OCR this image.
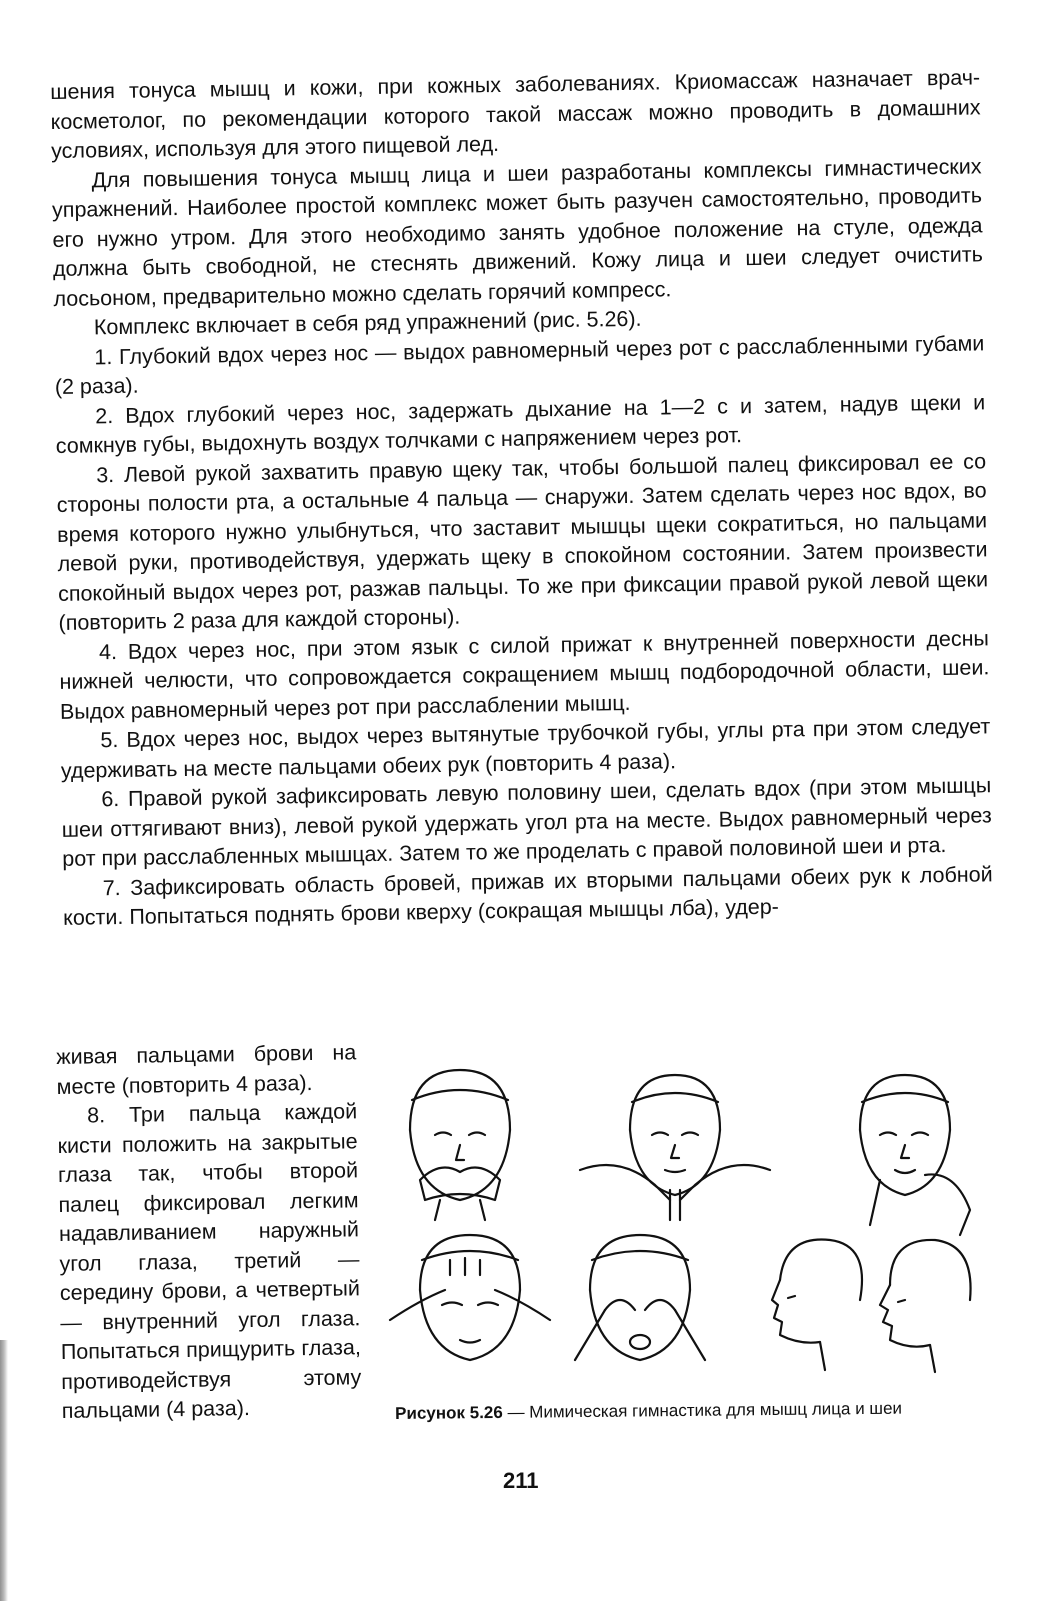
шения тонуса мышц и кожи, при кожных заболеваниях. Криомассаж назначает врач-косметолог, по рекомендации которого такой массаж можно проводить в домашних условиях, используя для этого пищевой лед.

Для повышения тонуса мышц лица и шеи разработаны комплексы гимнастических упражнений. Наиболее простой комплекс может быть разучен самостоятельно, проводить его нужно утром. Для этого необходимо занять удобное положение на стуле, одежда должна быть свободной, не стеснять движений. Кожу лица и шеи следует очистить лосьоном, предварительно можно сделать горячий компресс.

Комплекс включает в себя ряд упражнений (рис. 5.26).

1. Глубокий вдох через нос — выдох равномерный через рот с расслабленными губами (2 раза).

2. Вдох глубокий через нос, задержать дыхание на 1—2 с и затем, надув щеки и сомкнув губы, выдохнуть воздух толчками с напряжением через рот.

3. Левой рукой захватить правую щеку так, чтобы большой палец фиксировал ее со стороны полости рта, а остальные 4 пальца — снаружи. Затем сделать через нос вдох, во время которого нужно улыбнуться, что заставит мышцы щеки сократиться, но пальцами левой руки, противодействуя, удержать щеку в спокойном состоянии. Затем произвести спокойный выдох через рот, разжав пальцы. То же при фиксации правой рукой левой щеки (повторить 2 раза для каждой стороны).

4. Вдох через нос, при этом язык с силой прижат к внутренней поверхности десны нижней челюсти, что сопровождается сокращением мышц подбородочной области, шеи. Выдох равномерный через рот при расслаблении мышц.

5. Вдох через нос, выдох через вытянутые трубочкой губы, углы рта при этом следует удерживать на месте пальцами обеих рук (повторить 4 раза).

6. Правой рукой зафиксировать левую половину шеи, сделать вдох (при этом мышцы шеи оттягивают вниз), левой рукой удержать угол рта на месте. Выдох равномерный через рот при расслабленных мышцах. Затем то же проделать с правой половиной шеи и рта.

7. Зафиксировать область бровей, прижав их вторыми пальцами обеих рук к лобной кости. Попытаться поднять брови кверху (сокращая мышцы лба), удер-

живая пальцами брови на месте (повторить 4 раза).

8. Три пальца каждой кисти положить на закрытые глаза так, чтобы второй палец фиксировал легким надавливанием наружный угол глаза, третий — середину брови, а четвертый — внутренний угол глаза. Попытаться прищурить глаза, противодействуя этому пальцами (4 раза).	Рисунок 5.26 — Мимическая гимнастика для мышц лица и шеи
211
